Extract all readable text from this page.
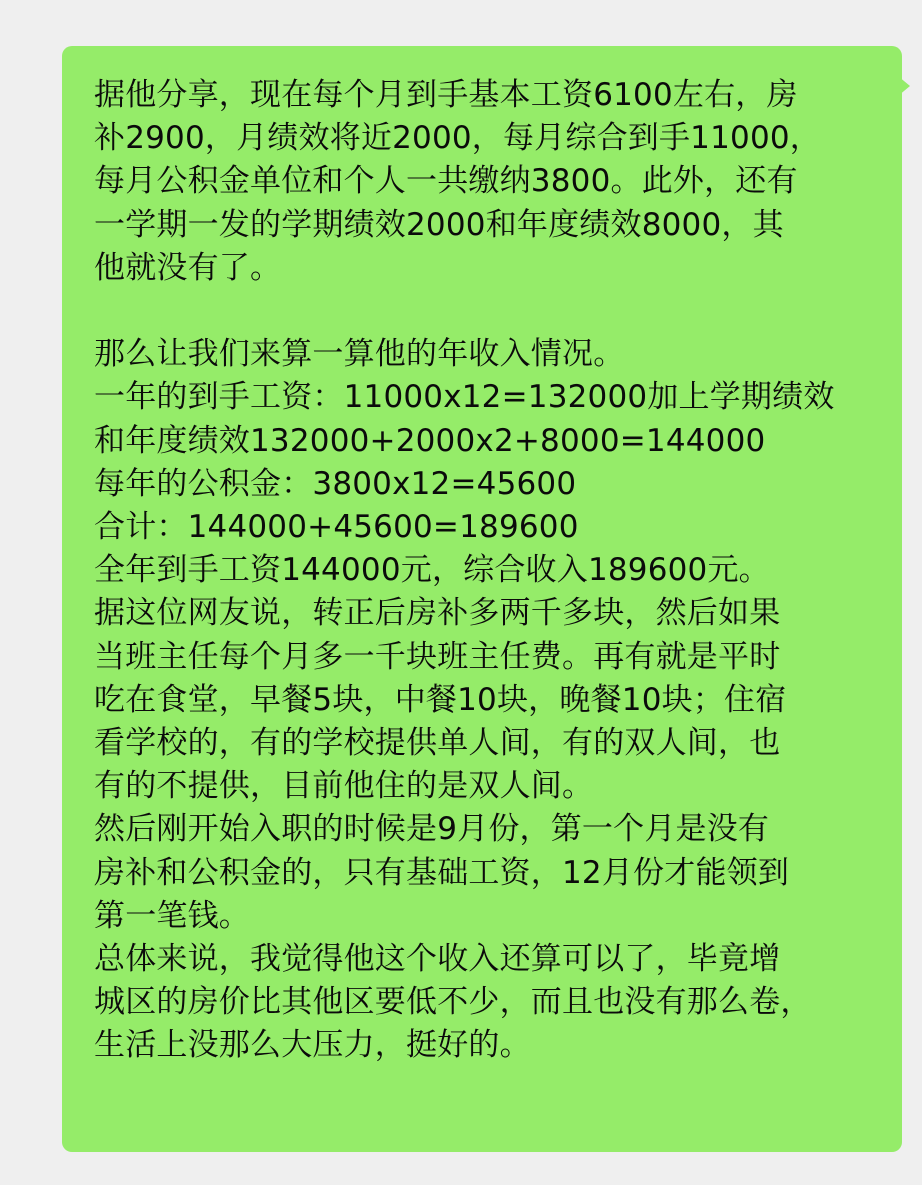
据他分享，现在每个月到手基本工资6100左右，房
补2900，月绩效将近2000，每月综合到手11000，
每月公积金单位和个人一共缴纳3800。此外，还有
一学期一发的学期绩效2000和年度绩效8000，其
他就没有了。
那么让我们来算一算他的年收入情况。
一年的到手工资：11000x12=132000加上学期绩效
和年度绩效132000+2000x2+8000=144000
每年的公积金：3800x12=45600
合计：144000+45600=189600
全年到手工资144000元，综合收入189600元。
据这位网友说，转正后房补多两千多块，然后如果
当班主任每个月多一千块班主任费。再有就是平时
吃在食堂，早餐5块，中餐10块，晚餐10块；住宿
看学校的，有的学校提供单人间，有的双人间，也
有的不提供，目前他住的是双人间。
然后刚开始入职的时候是9月份，第一个月是没有
房补和公积金的，只有基础工资，12月份才能领到
第一笔钱。
总体来说，我觉得他这个收入还算可以了，毕竟增
城区的房价比其他区要低不少，而且也没有那么卷，
生活上没那么大压力，挺好的。
